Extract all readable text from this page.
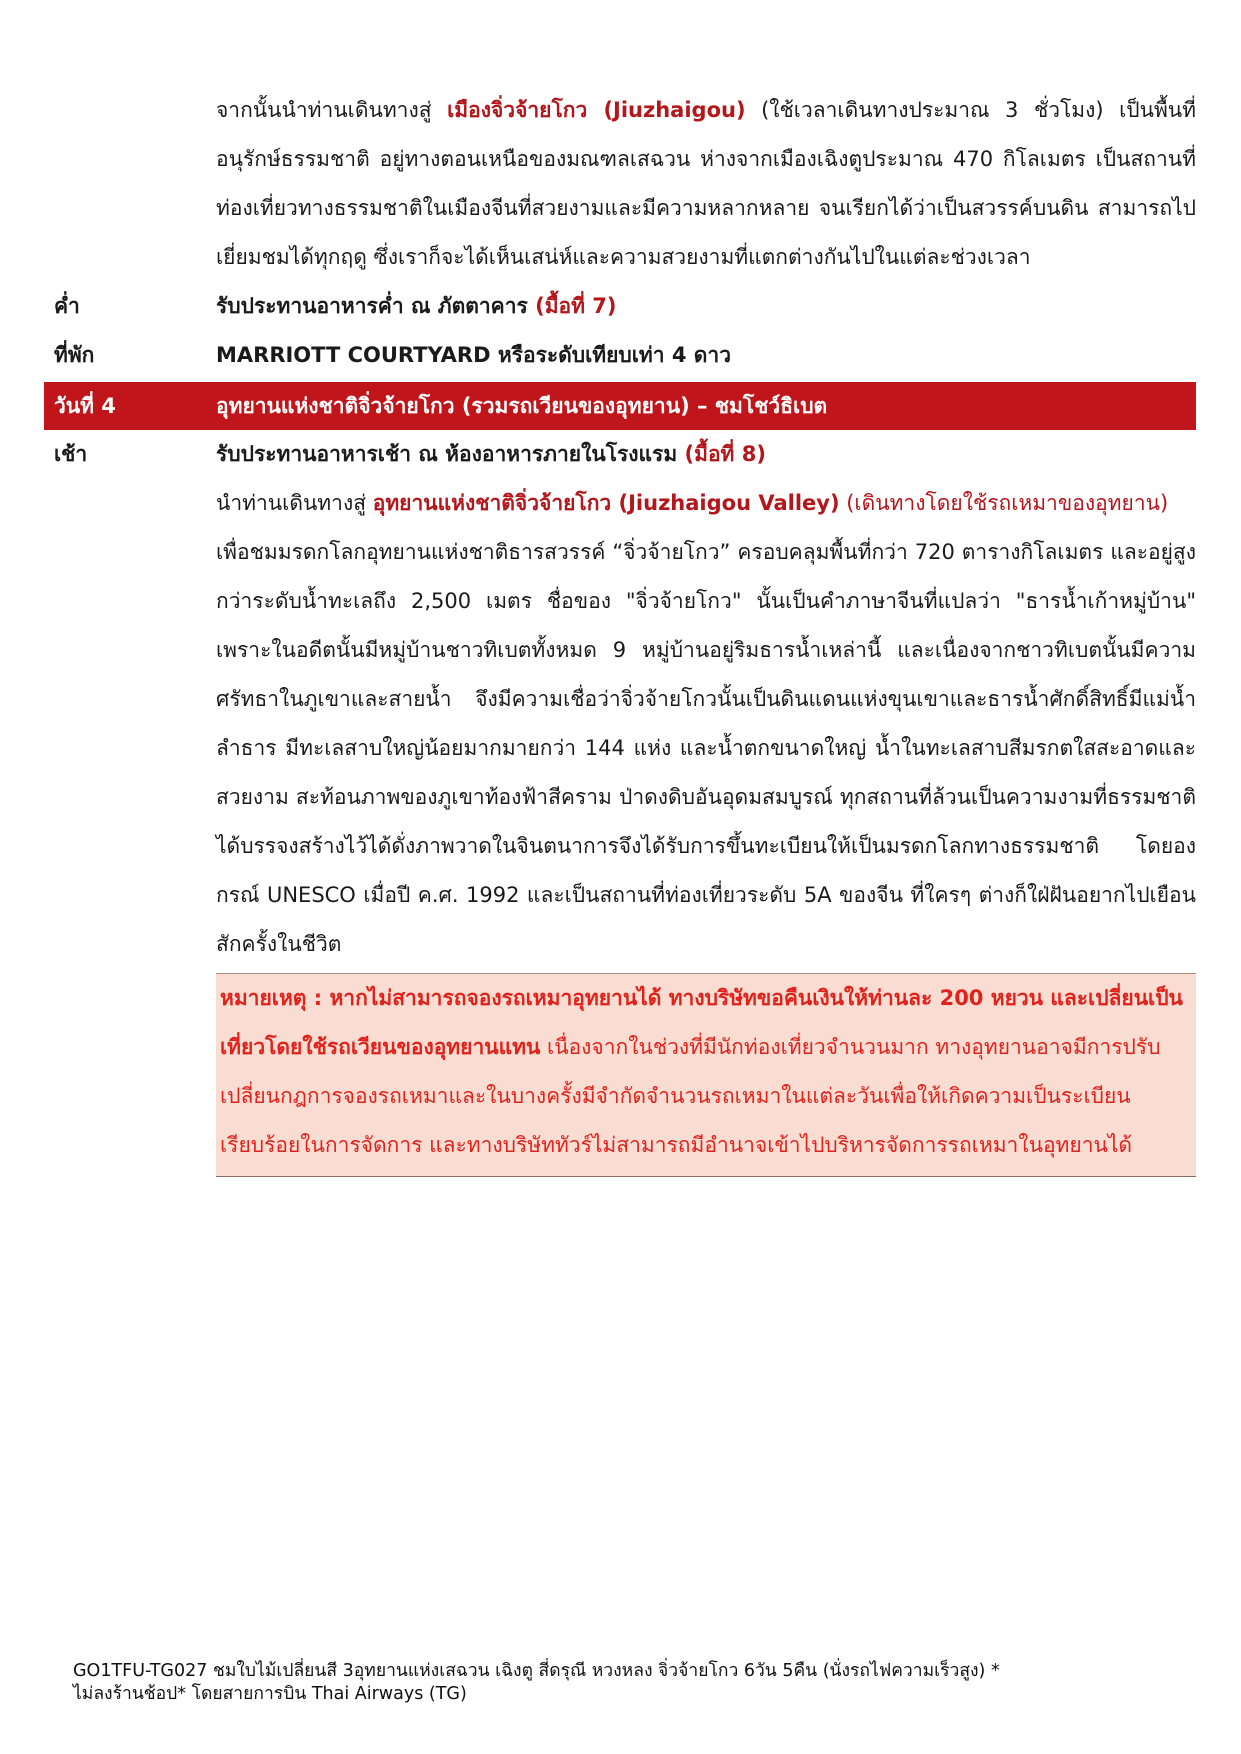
จากนั้นนำท่านเดินทางสู่ เมืองจิ่วจ้ายโกว (Jiuzhaigou) (ใช้เวลาเดินทางประมาณ 3 ชั่วโมง) เป็นพื้นที่อนุรักษ์ธรรมชาติ อยู่ทางตอนเหนือของมณฑลเสฉวน ห่างจากเมืองเฉิงตูประมาณ 470 กิโลเมตร เป็นสถานที่ท่องเที่ยวทางธรรมชาติในเมืองจีนที่สวยงามและมีความหลากหลาย จนเรียกได้ว่าเป็นสวรรค์บนดิน สามารถไปเยี่ยมชมได้ทุกฤดู ซึ่งเราก็จะได้เห็นเสน่ห์และความสวยงามที่แตกต่างกันไปในแต่ละช่วงเวลา
ค่ำ	รับประทานอาหารค่ำ ณ ภัตตาคาร (มื้อที่ 7)
ที่พัก	MARRIOTT COURTYARD หรือระดับเทียบเท่า 4 ดาว
วันที่ 4	อุทยานแห่งชาติจิ่วจ้ายโกว (รวมรถเวียนของอุทยาน) – ชมโชว์ธิเบต
เช้า	รับประทานอาหารเช้า ณ ห้องอาหารภายในโรงแรม (มื้อที่ 8)
นำท่านเดินทางสู่ อุทยานแห่งชาติจิ่วจ้ายโกว (Jiuzhaigou Valley) (เดินทางโดยใช้รถเหมาของอุทยาน)
เพื่อชมมรดกโลกอุทยานแห่งชาติธารสวรรค์ “จิ่วจ้ายโกว” ครอบคลุมพื้นที่กว่า 720 ตารางกิโลเมตร และอยู่สูงกว่าระดับน้ำทะเลถึง 2,500 เมตร ชื่อของ "จิ่วจ้ายโกว" นั้นเป็นคำภาษาจีนที่แปลว่า "ธารน้ำเก้าหมู่บ้าน" เพราะในอดีตนั้นมีหมู่บ้านชาวทิเบตทั้งหมด 9 หมู่บ้านอยู่ริมธารน้ำเหล่านี้ และเนื่องจากชาวทิเบตนั้นมีความศรัทธาในภูเขาและสายน้ำ จึงมีความเชื่อว่าจิ่วจ้ายโกวนั้นเป็นดินแดนแห่งขุนเขาและธารน้ำศักดิ์สิทธิ์มีแม่น้ำลำธาร มีทะเลสาบใหญ่น้อยมากมายกว่า 144 แห่ง และน้ำตกขนาดใหญ่ น้ำในทะเลสาบสีมรกตใสสะอาดและสวยงาม สะท้อนภาพของภูเขาท้องฟ้าสีคราม ป่าดงดิบอันอุดมสมบูรณ์ ทุกสถานที่ล้วนเป็นความงามที่ธรรมชาติได้บรรจงสร้างไว้ได้ดั่งภาพวาดในจินตนาการจึงได้รับการขึ้นทะเบียนให้เป็นมรดกโลกทางธรรมชาติ โดยองกรณ์ UNESCO เมื่อปี ค.ศ. 1992 และเป็นสถานที่ท่องเที่ยวระดับ 5A ของจีน ที่ใครๆ ต่างก็ใฝ่ฝันอยากไปเยือนสักครั้งในชีวิต
หมายเหตุ : หากไม่สามารถจองรถเหมาอุทยานได้ ทางบริษัทขอคืนเงินให้ท่านละ 200 หยวน และเปลี่ยนเป็นเที่ยวโดยใช้รถเวียนของอุทยานแทน เนื่องจากในช่วงที่มีนักท่องเที่ยวจำนวนมาก ทางอุทยานอาจมีการปรับเปลี่ยนกฎการจองรถเหมาและในบางครั้งมีจำกัดจำนวนรถเหมาในแต่ละวันเพื่อให้เกิดความเป็นระเบียนเรียบร้อยในการจัดการ และทางบริษัททัวร์ไม่สามารถมีอำนาจเข้าไปบริหารจัดการรถเหมาในอุทยานได้
GO1TFU-TG027 ชมใบไม้เปลี่ยนสี 3อุทยานแห่งเสฉวน เฉิงตู สี่ดรุณี หวงหลง จิ่วจ้ายโกว 6วัน 5คืน (นั่งรถไฟความเร็วสูง) *
ไม่ลงร้านช้อป* โดยสายการบิน Thai Airways (TG)
